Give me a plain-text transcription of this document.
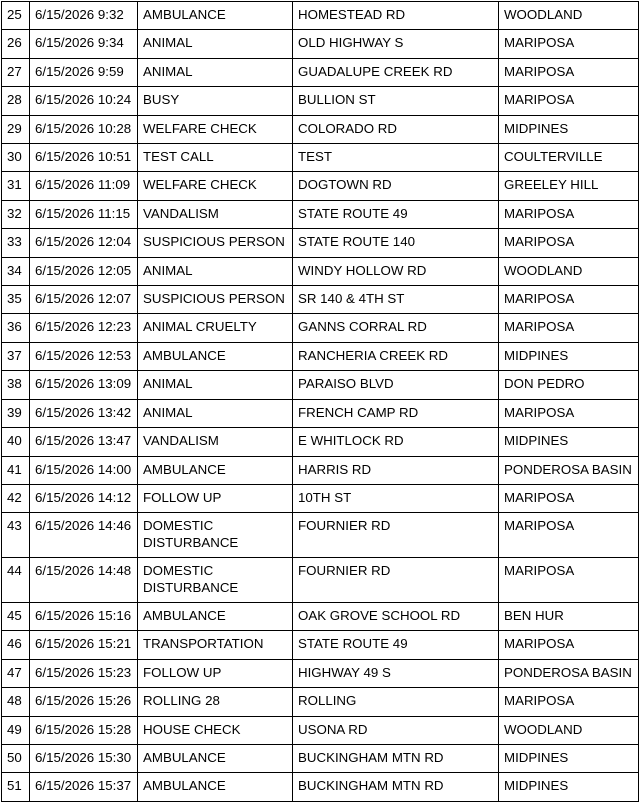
25	6/15/2026 9:32	AMBULANCE	HOMESTEAD RD	WOODLAND
26	6/15/2026 9:34	ANIMAL	OLD HIGHWAY S	MARIPOSA
27	6/15/2026 9:59	ANIMAL	GUADALUPE CREEK RD	MARIPOSA
28	6/15/2026 10:24	BUSY	BULLION ST	MARIPOSA
29	6/15/2026 10:28	WELFARE CHECK	COLORADO RD	MIDPINES
30	6/15/2026 10:51	TEST CALL	TEST	COULTERVILLE
31	6/15/2026 11:09	WELFARE CHECK	DOGTOWN RD	GREELEY HILL
32	6/15/2026 11:15	VANDALISM	STATE ROUTE 49	MARIPOSA
33	6/15/2026 12:04	SUSPICIOUS PERSON	STATE ROUTE 140	MARIPOSA
34	6/15/2026 12:05	ANIMAL	WINDY HOLLOW RD	WOODLAND
35	6/15/2026 12:07	SUSPICIOUS PERSON	SR 140 & 4TH ST	MARIPOSA
36	6/15/2026 12:23	ANIMAL CRUELTY	GANNS CORRAL RD	MARIPOSA
37	6/15/2026 12:53	AMBULANCE	RANCHERIA CREEK RD	MIDPINES
38	6/15/2026 13:09	ANIMAL	PARAISO BLVD	DON PEDRO
39	6/15/2026 13:42	ANIMAL	FRENCH CAMP RD	MARIPOSA
40	6/15/2026 13:47	VANDALISM	E WHITLOCK RD	MIDPINES
41	6/15/2026 14:00	AMBULANCE	HARRIS RD	PONDEROSA BASIN
42	6/15/2026 14:12	FOLLOW UP	10TH ST	MARIPOSA
43	6/15/2026 14:46	DOMESTIC DISTURBANCE	FOURNIER RD	MARIPOSA
44	6/15/2026 14:48	DOMESTIC DISTURBANCE	FOURNIER RD	MARIPOSA
45	6/15/2026 15:16	AMBULANCE	OAK GROVE SCHOOL RD	BEN HUR
46	6/15/2026 15:21	TRANSPORTATION	STATE ROUTE 49	MARIPOSA
47	6/15/2026 15:23	FOLLOW UP	HIGHWAY 49 S	PONDEROSA BASIN
48	6/15/2026 15:26	ROLLING 28	ROLLING	MARIPOSA
49	6/15/2026 15:28	HOUSE CHECK	USONA RD	WOODLAND
50	6/15/2026 15:30	AMBULANCE	BUCKINGHAM MTN RD	MIDPINES
51	6/15/2026 15:37	AMBULANCE	BUCKINGHAM MTN RD	MIDPINES
